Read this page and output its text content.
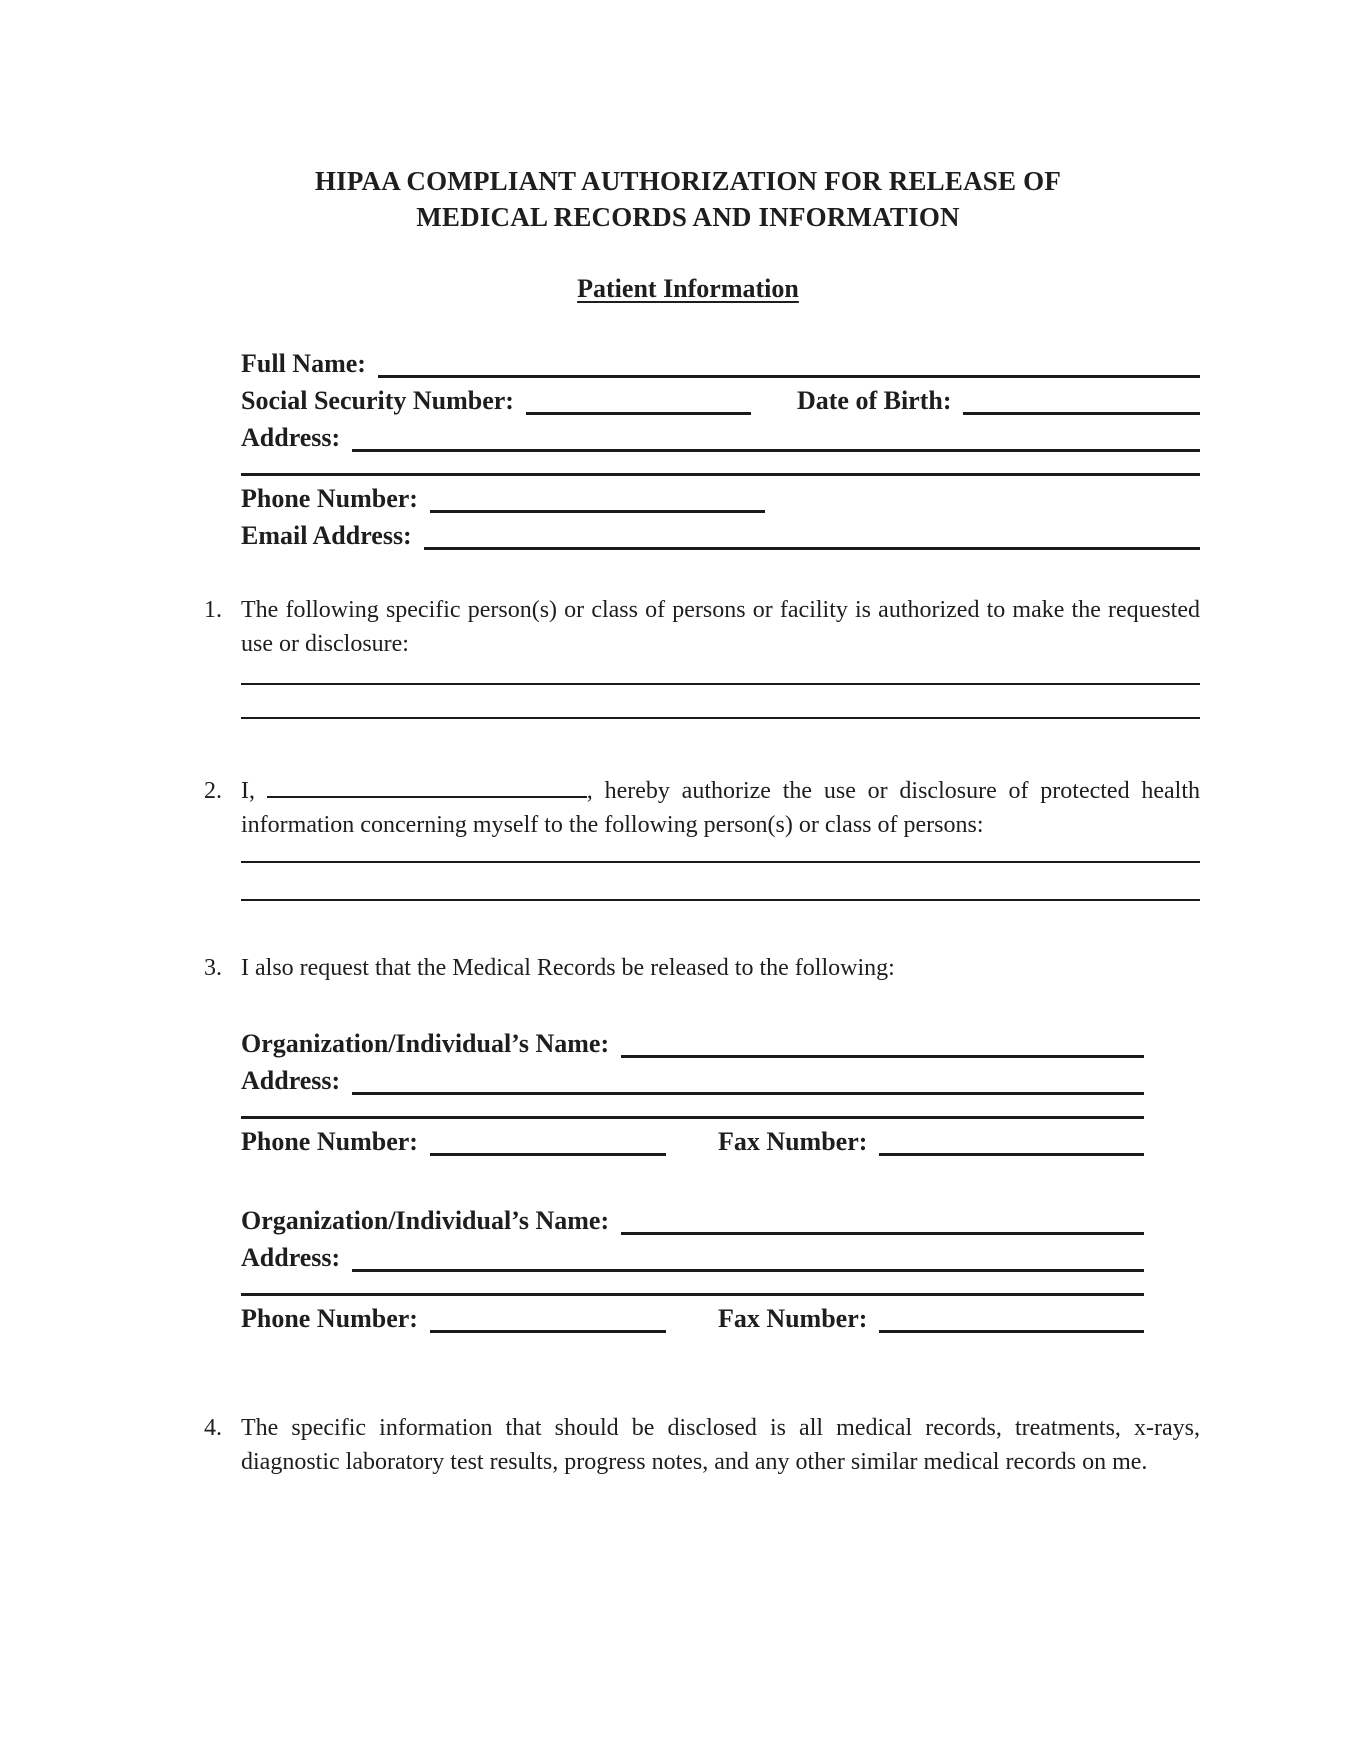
HIPAA COMPLIANT AUTHORIZATION FOR RELEASE OF
MEDICAL RECORDS AND INFORMATION
Patient Information
Full Name:
Social Security Number:	Date of Birth:
Address:
Phone Number:
Email Address:
1. The following specific person(s) or class of persons or facility is authorized to make the requested use or disclosure:
2. I,	, hereby authorize the use or disclosure of protected health information concerning myself to the following person(s) or class of persons:
3. I also request that the Medical Records be released to the following:
Organization/Individual’s Name:
Address:
Phone Number:	Fax Number:
Organization/Individual’s Name:
Address:
Phone Number:	Fax Number:
4. The specific information that should be disclosed is all medical records, treatments, x-rays, diagnostic laboratory test results, progress notes, and any other similar medical records on me.
